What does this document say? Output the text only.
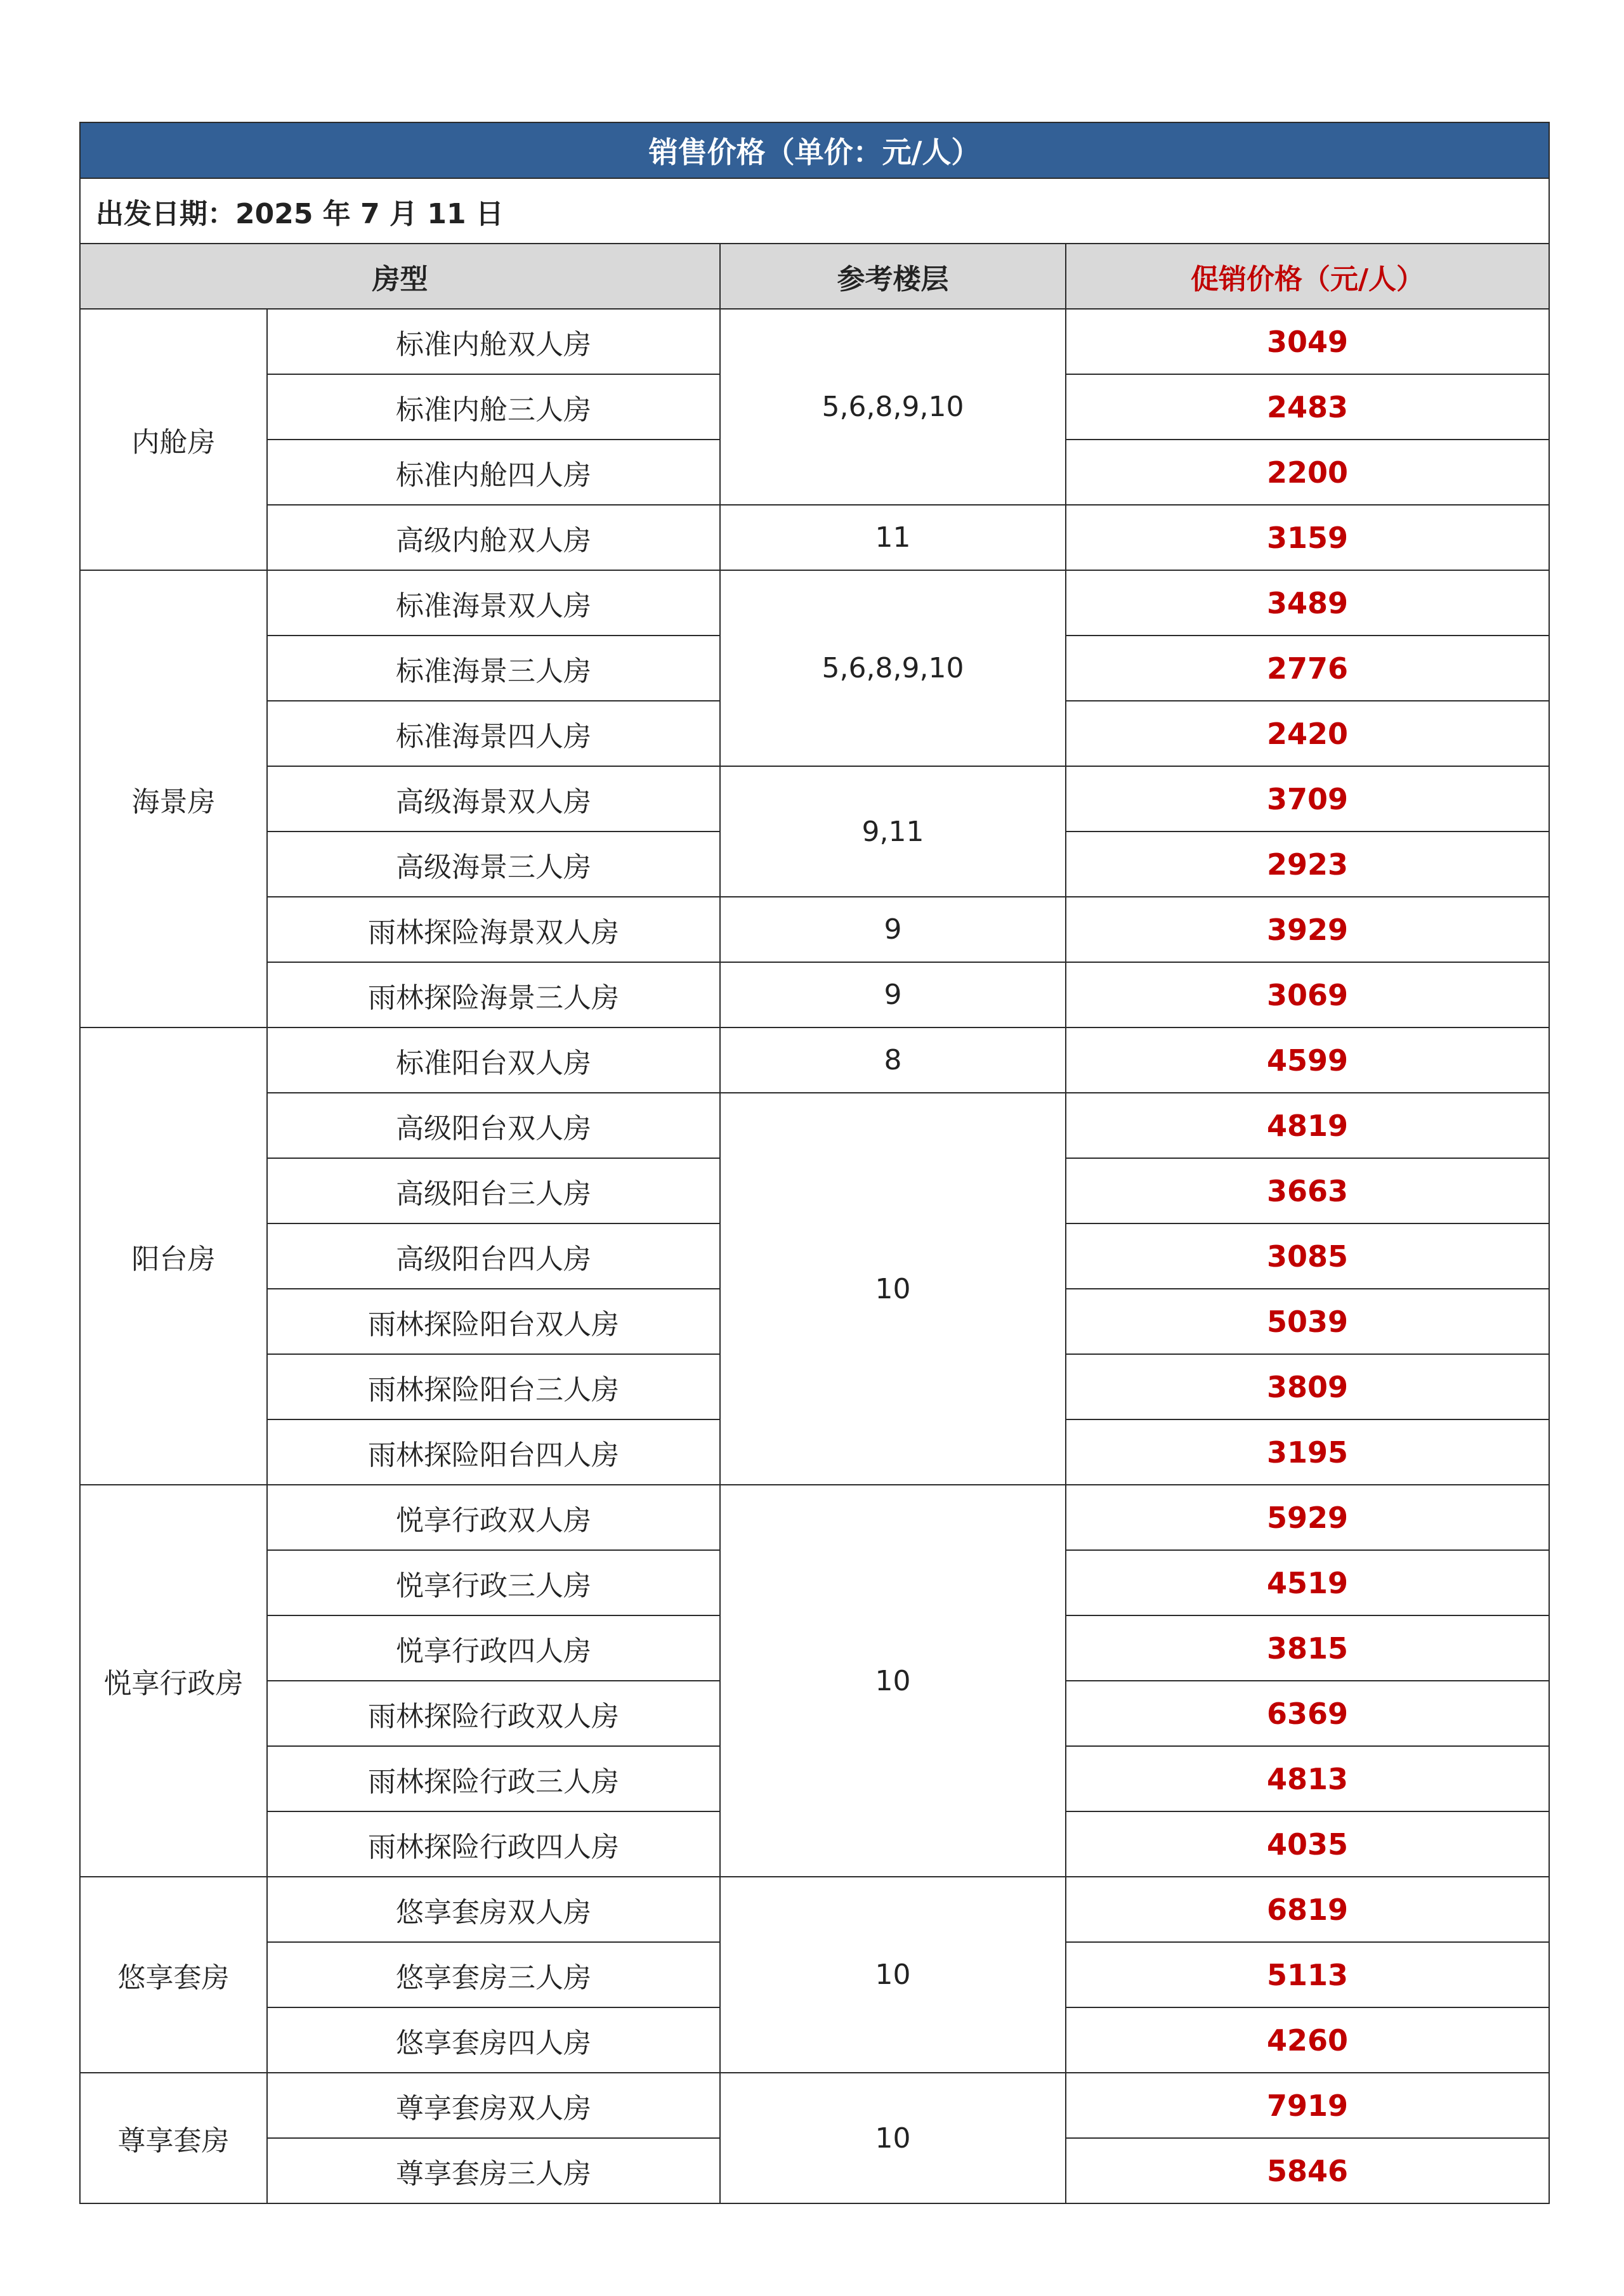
销售价格（单价：元/人）			
出发日期：2025 年 7 月 11 日			
房型		参考楼层	促销价格（元/人）
内舱房	标准内舱双人房	5,6,8,9,10	3049
	标准内舱三人房		2483
	标准内舱四人房		2200
	高级内舱双人房	11	3159
海景房	标准海景双人房	5,6,8,9,10	3489
	标准海景三人房		2776
	标准海景四人房		2420
	高级海景双人房	9,11	3709
	高级海景三人房		2923
	雨林探险海景双人房	9	3929
	雨林探险海景三人房	9	3069
阳台房	标准阳台双人房	8	4599
	高级阳台双人房	10	4819
	高级阳台三人房		3663
	高级阳台四人房		3085
	雨林探险阳台双人房		5039
	雨林探险阳台三人房		3809
	雨林探险阳台四人房		3195
悦享行政房	悦享行政双人房	10	5929
	悦享行政三人房		4519
	悦享行政四人房		3815
	雨林探险行政双人房		6369
	雨林探险行政三人房		4813
	雨林探险行政四人房		4035
悠享套房	悠享套房双人房	10	6819
	悠享套房三人房		5113
	悠享套房四人房		4260
尊享套房	尊享套房双人房	10	7919
	尊享套房三人房		5846
